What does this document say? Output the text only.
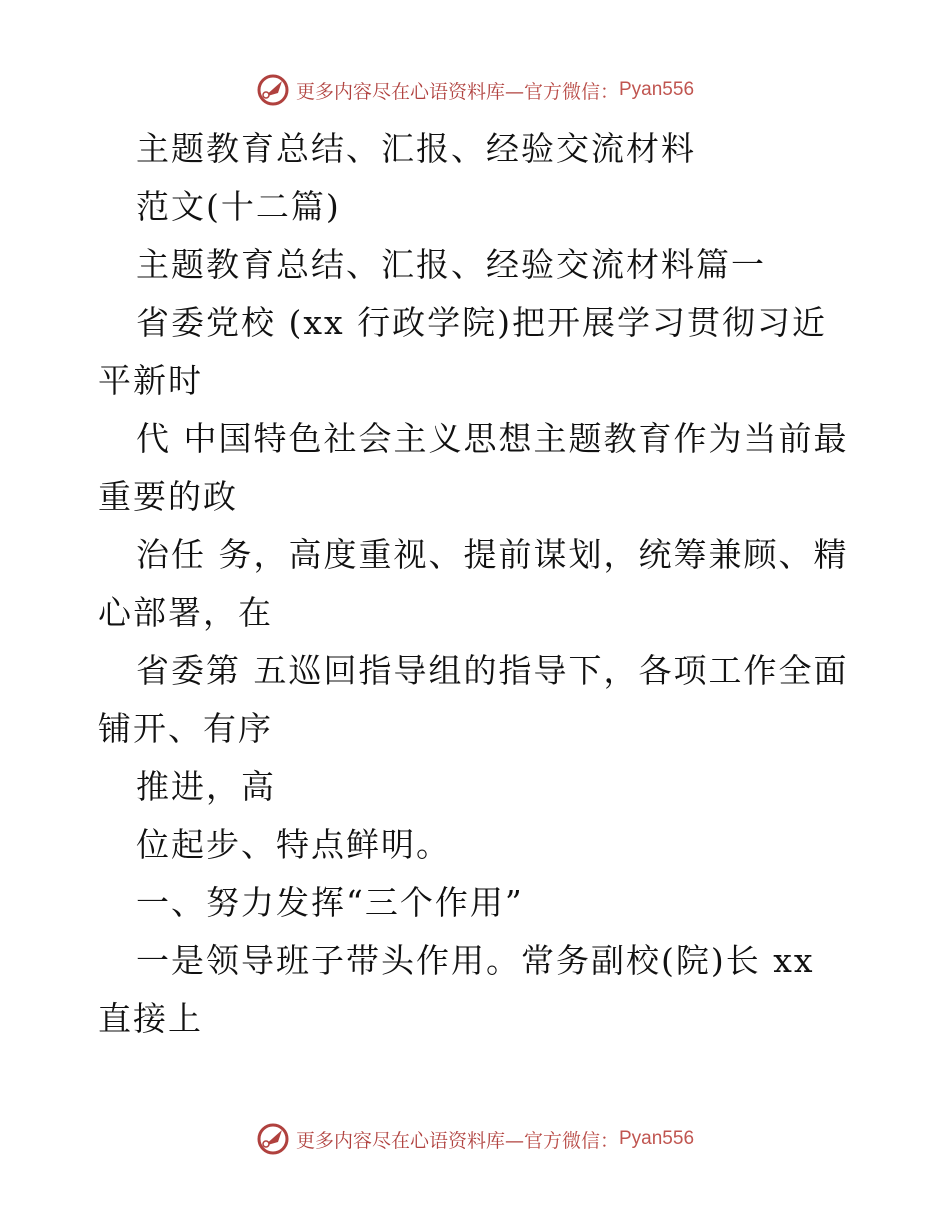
更多内容尽在心语资料库— 官方微信： Pyan556

主题教育总结、汇报、经验交流材料

范文(十二篇)

主题教育总结、汇报、经验交流材料篇一

省委党校 (xx 行政学院)把开展学习贯彻习近平新时

代 中国特色社会主义思想主题教育作为当前最重要的政

治任 务，高度重视、提前谋划，统筹兼顾、精心部署，在

省委第 五巡回指导组的指导下，各项工作全面铺开、有序

推进，高

位起步、特点鲜明。

一、努力发挥“三个作用”

一是领导班子带头作用。常务副校(院)长 xx 直接上

更多内容尽在心语资料库— 官方微信： Pyan556
